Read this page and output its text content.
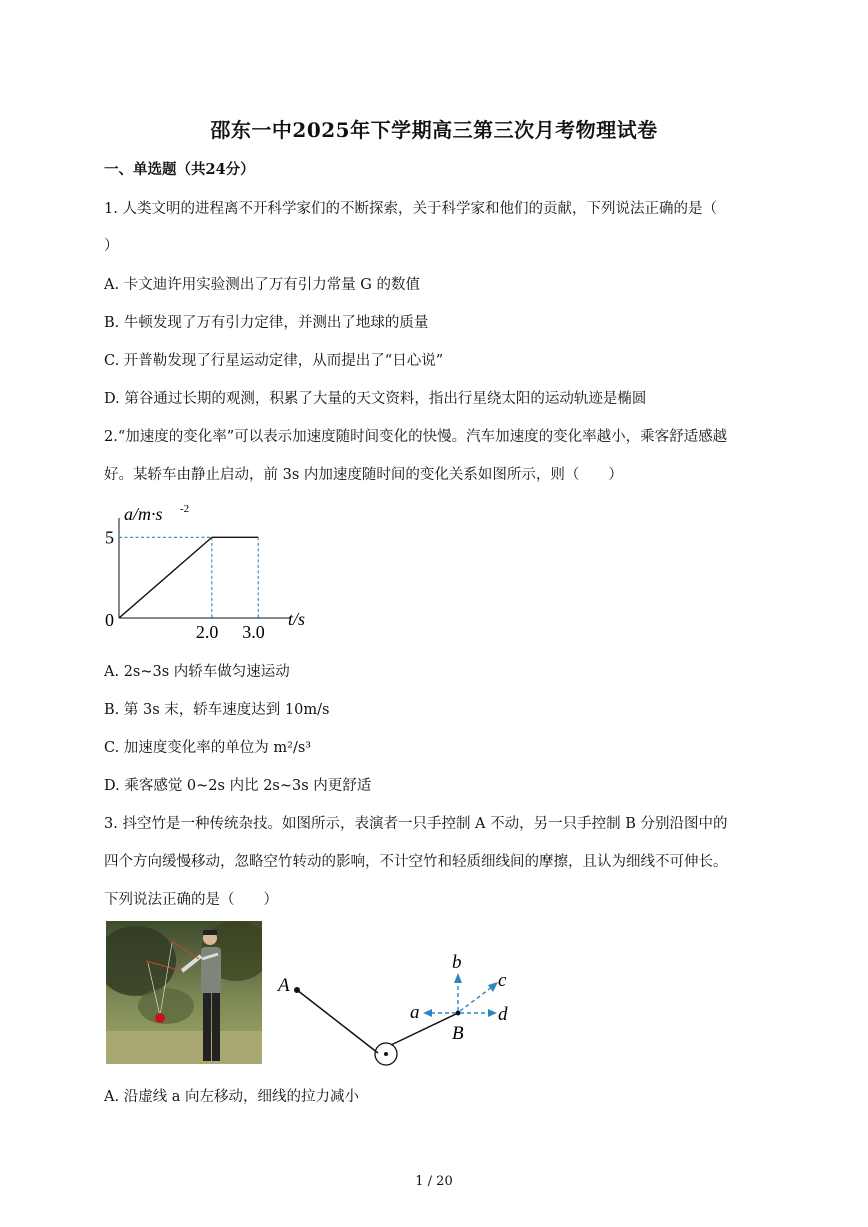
邵东一中2025年下学期高三第三次月考物理试卷
一、单选题（共24分）
1. 人类文明的进程离不开科学家们的不断探索，关于科学家和他们的贡献，下列说法正确的是（
）
A. 卡文迪许用实验测出了万有引力常量 G 的数值
B. 牛顿发现了万有引力定律，并测出了地球的质量
C. 开普勒发现了行星运动定律，从而提出了“日心说”
D. 第谷通过长期的观测，积累了大量的天文资料，指出行星绕太阳的运动轨迹是椭圆
2.“加速度的变化率”可以表示加速度随时间变化的快慢。汽车加速度的变化率越小，乘客舒适感越
好。某轿车由静止启动，前 3s 内加速度随时间的变化关系如图所示，则（　　）
a/m·s -2
t/s
0
2.0 3.0
5
A. 2s~3s 内轿车做匀速运动
B. 第 3s 末，轿车速度达到 10m/s
C. 加速度变化率的单位为 m²/s³
D. 乘客感觉 0~2s 内比 2s~3s 内更舒适
3. 抖空竹是一种传统杂技。如图所示，表演者一只手控制 A 不动，另一只手控制 B 分别沿图中的
四个方向缓慢移动，忽略空竹转动的影响，不计空竹和轻质细线间的摩擦，且认为细线不可伸长。
下列说法正确的是（　　）
A
B
a
b
c
d
A. 沿虚线 a 向左移动，细线的拉力减小
1 / 20
